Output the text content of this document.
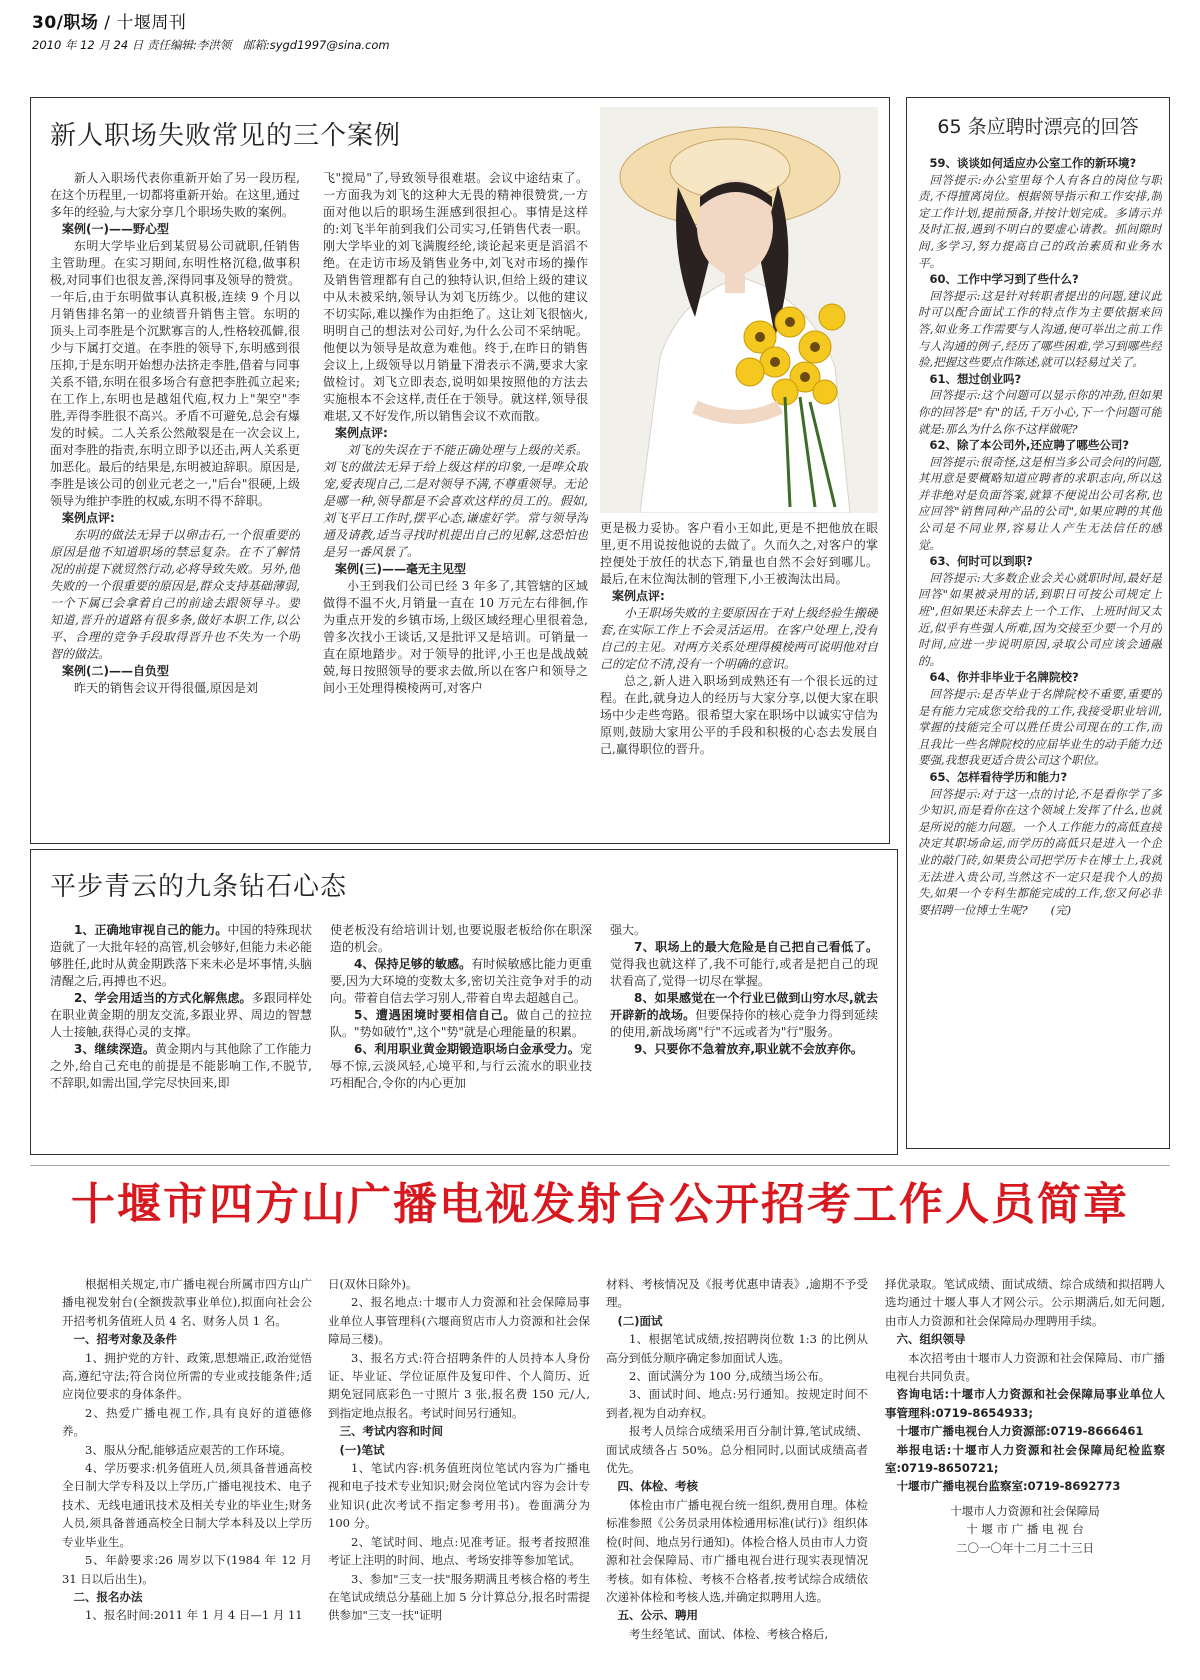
30/职场 / 十堰周刊
2010 年 12 月 24 日 责任编辑:李洪领　邮箱:sygd1997@sina.com
新人职场失败常见的三个案例

新人入职场代表你重新开始了另一段历程,在这个历程里,一切都将重新开始。在这里,通过多年的经验,与大家分享几个职场失败的案例。

案例(一)——野心型

东明大学毕业后到某贸易公司就职,任销售主管助理。在实习期间,东明性格沉稳,做事积极,对同事们也很友善,深得同事及领导的赞赏。一年后,由于东明做事认真积极,连续 9 个月以月销售排名第一的业绩晋升销售主管。东明的顶头上司李胜是个沉默寡言的人,性格较孤僻,很少与下属打交道。在李胜的领导下,东明感到很压抑,于是东明开始想办法挤走李胜,借着与同事关系不错,东明在很多场合有意把李胜孤立起来;在工作上,东明也是越俎代庖,权力上"架空"李胜,弄得李胜很不高兴。矛盾不可避免,总会有爆发的时候。二人关系公然敞裂是在一次会议上,面对李胜的指责,东明立即予以还击,两人关系更加恶化。最后的结果是,东明被迫辞职。原因是,李胜是该公司的创业元老之一,"后台"很硬,上级领导为维护李胜的权威,东明不得不辞职。

案例点评:

东明的做法无异于以卵击石,一个很重要的原因是他不知道职场的禁忌复杂。在不了解情况的前提下就贸然行动,必将导致失败。另外,他失败的一个很重要的原因是,群众支持基础薄弱,一个下属已会拿着自己的前途去跟领导斗。要知道,晋升的道路有很多条,做好本职工作,以公平、合理的竞争手段取得晋升也不失为一个明智的做法。

案例(二)——自负型

昨天的销售会议开得很僵,原因是刘

飞"搅局"了,导致领导很难堪。会议中途结束了。一方面我为刘飞的这种大无畏的精神很赞赏,一方面对他以后的职场生涯感到很担心。事情是这样的:刘飞半年前到我们公司实习,任销售代表一职。刚大学毕业的刘飞满腹经纶,谈论起来更是滔滔不绝。在走访市场及销售业务中,刘飞对市场的操作及销售管理都有自己的独特认识,但给上级的建议中从未被采纳,领导认为刘飞历练少。以他的建议不切实际,难以操作为由拒绝了。这让刘飞很恼火,明明自己的想法对公司好,为什么公司不采纳呢。他便以为领导是故意为难他。终于,在昨日的销售会议上,上级领导以月销量下滑表示不满,要求大家做检讨。刘飞立即表态,说明如果按照他的方法去实施根本不会这样,责任在于领导。就这样,领导很难堪,又不好发作,所以销售会议不欢而散。

案例点评:

刘飞的失误在于不能正确处理与上级的关系。刘飞的做法无异于给上级这样的印象,一是哗众取宠,爱表现自己,二是对领导不满,不尊重领导。无论是哪一种,领导都是不会喜欢这样的员工的。假如,刘飞平日工作时,摆平心态,谦虚好学。常与领导沟通及请教,适当寻找时机提出自己的见解,这恐怕也是另一番风景了。

案例(三)——毫无主见型

小王到我们公司已经 3 年多了,其管辖的区域做得不温不火,月销量一直在 10 万元左右徘徊,作为重点开发的乡镇市场,上级区域经理心里很着急,曾多次找小王谈话,又是批评又是培训。可销量一直在原地踏步。对于领导的批评,小王也是战战兢兢,每日按照领导的要求去做,所以在客户和领导之间小王处理得模棱两可,对客户

更是极力妥协。客户看小王如此,更是不把他放在眼里,更不用说按他说的去做了。久而久之,对客户的掌控便处于放任的状态下,销量也自然不会好到哪儿。最后,在末位淘汰制的管理下,小王被淘汰出局。

案例点评:

小王职场失败的主要原因在于对上级经验生搬硬套,在实际工作上不会灵活运用。在客户处理上,没有自己的主见。对两方关系处理得模棱两可说明他对自己的定位不清,没有一个明确的意识。

总之,新人进入职场到成熟还有一个很长远的过程。在此,就身边人的经历与大家分享,以便大家在职场中少走些弯路。很希望大家在职场中以诚实守信为原则,鼓励大家用公平的手段和积极的心态去发展自己,赢得职位的晋升。

65 条应聘时漂亮的回答

59、谈谈如何适应办公室工作的新环境?

回答提示:办公室里每个人有各自的岗位与职责,不得擅离岗位。根据领导指示和工作安排,制定工作计划,提前预备,并按计划完成。多请示并及时汇报,遇到不明白的要虚心请教。抓间隙时间,多学习,努力提高自己的政治素质和业务水平。

60、工作中学习到了些什么?

回答提示:这是针对转职者提出的问题,建议此时可以配合面试工作的特点作为主要依据来回答,如业务工作需要与人沟通,便可举出之前工作与人沟通的例子,经历了哪些困难,学习到哪些经验,把握这些要点作陈述,就可以轻易过关了。

61、想过创业吗?

回答提示:这个问题可以显示你的冲劲,但如果你的回答是"有"的话,千万小心,下一个问题可能就是:那么为什么你不这样做呢?

62、除了本公司外,还应聘了哪些公司?

回答提示:很奇怪,这是相当多公司会问的问题,其用意是要概略知道应聘者的求职志向,所以这并非绝对是负面答案,就算不便说出公司名称,也应回答"销售同种产品的公司",如果应聘的其他公司是不同业界,容易让人产生无法信任的感觉。

63、何时可以到职?

回答提示:大多数企业会关心就职时间,最好是回答"如果被录用的话,到职日可按公司规定上班",但如果还未辞去上一个工作、上班时间又太近,似乎有些强人所难,因为交接至少要一个月的时间,应进一步说明原因,录取公司应该会通融的。

64、你并非毕业于名牌院校?

回答提示:是否毕业于名牌院校不重要,重要的是有能力完成您交给我的工作,我接受职业培训,掌握的技能完全可以胜任贵公司现在的工作,而且我比一些名牌院校的应届毕业生的动手能力还要强,我想我更适合贵公司这个职位。

65、怎样看待学历和能力?

回答提示:对于这一点的讨论,不是看你学了多少知识,而是看你在这个领域上发挥了什么,也就是所说的能力问题。一个人工作能力的高低直接决定其职场命运,而学历的高低只是进入一个企业的敲门砖,如果贵公司把学历卡在博士上,我就无法进入贵公司,当然这不一定只是我个人的损失,如果一个专科生都能完成的工作,您又何必非要招聘一位博士生呢?　　(完)

平步青云的九条钻石心态

1、正确地审视自己的能力。中国的特殊现状造就了一大批年轻的高管,机会够好,但能力未必能够胜任,此时从黄金期跌落下来未必是坏事情,头脑清醒之后,再搏也不迟。

2、学会用适当的方式化解焦虑。多跟同样处在职业黄金期的朋友交流,多跟业界、周边的智慧人士接触,获得心灵的支撑。

3、继续深造。黄金期内与其他除了工作能力之外,给自己充电的前提是不能影响工作,不脱节,不辞职,如需出国,学完尽快回来,即

使老板没有给培训计划,也要说服老板给你在职深造的机会。

4、保持足够的敏感。有时候敏感比能力更重要,因为大环境的变数太多,密切关注竞争对手的动向。带着自信去学习别人,带着自卑去超越自己。

5、遭遇困境时要相信自己。做自己的拉拉队。"势如破竹",这个"势"就是心理能量的积累。

6、利用职业黄金期锻造职场白金承受力。宠辱不惊,云淡风轻,心境平和,与行云流水的职业技巧相配合,令你的内心更加

强大。

7、职场上的最大危险是自己把自己看低了。觉得我也就这样了,我不可能行,或者是把自己的现状看高了,觉得一切尽在掌握。

8、如果感觉在一个行业已做到山穷水尽,就去开辟新的战场。但要保持你的核心竞争力得到延续的使用,新战场离"行"不远或者为"行"服务。

9、只要你不急着放弃,职业就不会放弃你。

十堰市四方山广播电视发射台公开招考工作人员简章

根据相关规定,市广播电视台所属市四方山广播电视发射台(全额拨款事业单位),拟面向社会公开招考机务值班人员 4 名、财务人员 1 名。

一、招考对象及条件

1、拥护党的方针、政策,思想端正,政治觉悟高,遵纪守法;符合岗位所需的专业或技能条件;适应岗位要求的身体条件。

2、热爱广播电视工作,具有良好的道德修养。

3、服从分配,能够适应艰苦的工作环境。

4、学历要求:机务值班人员,须具备普通高校全日制大学专科及以上学历,广播电视技术、电子技术、无线电通讯技术及相关专业的毕业生;财务人员,须具备普通高校全日制大学本科及以上学历专业毕业生。

5、年龄要求:26 周岁以下(1984 年 12 月 31 日以后出生)。

二、报名办法

1、报名时间:2011 年 1 月 4 日—1 月 11

日(双休日除外)。

2、报名地点:十堰市人力资源和社会保障局事业单位人事管理科(六堰商贸店市人力资源和社会保障局三楼)。

3、报名方式:符合招聘条件的人员持本人身份证、毕业证、学位证原件及复印件、个人简历、近期免冠同底彩色一寸照片 3 张,报名费 150 元/人,到指定地点报名。考试时间另行通知。

三、考试内容和时间

(一)笔试

1、笔试内容:机务值班岗位笔试内容为广播电视和电子技术专业知识;财会岗位笔试内容为会计专业知识(此次考试不指定参考用书)。卷面满分为 100 分。

2、笔试时间、地点:见准考证。报考者按照准考证上注明的时间、地点、考场安排等参加笔试。

3、参加"三支一扶"服务期满且考核合格的考生在笔试成绩总分基础上加 5 分计算总分,报名时需提供参加"三支一扶"证明

材料、考核情况及《报考优惠申请表》,逾期不予受理。

(二)面试

1、根据笔试成绩,按招聘岗位数 1:3 的比例从高分到低分顺序确定参加面试人选。

2、面试满分为 100 分,成绩当场公布。

3、面试时间、地点:另行通知。按规定时间不到者,视为自动弃权。

报考人员综合成绩采用百分制计算,笔试成绩、面试成绩各占 50%。总分相同时,以面试成绩高者优先。

四、体检、考核

体检由市广播电视台统一组织,费用自理。体检标准参照《公务员录用体检通用标准(试行)》组织体检(时间、地点另行通知)。体检合格人员由市人力资源和社会保障局、市广播电视台进行现实表现情况考核。如有体检、考核不合格者,按考试综合成绩依次递补体检和考核人选,并确定拟聘用人选。

五、公示、聘用

考生经笔试、面试、体检、考核合格后,

择优录取。笔试成绩、面试成绩、综合成绩和拟招聘人选均通过十堰人事人才网公示。公示期满后,如无问题,由市人力资源和社会保障局办理聘用手续。

六、组织领导

本次招考由十堰市人力资源和社会保障局、市广播电视台共同负责。

咨询电话:十堰市人力资源和社会保障局事业单位人事管理科:0719-8654933;

十堰市广播电视台人力资源部:0719-8666461

举报电话:十堰市人力资源和社会保障局纪检监察室:0719-8650721;

十堰市广播电视台监察室:0719-8692773

十堰市人力资源和社会保障局

十 堰 市 广 播 电 视 台

二〇一〇年十二月二十三日
